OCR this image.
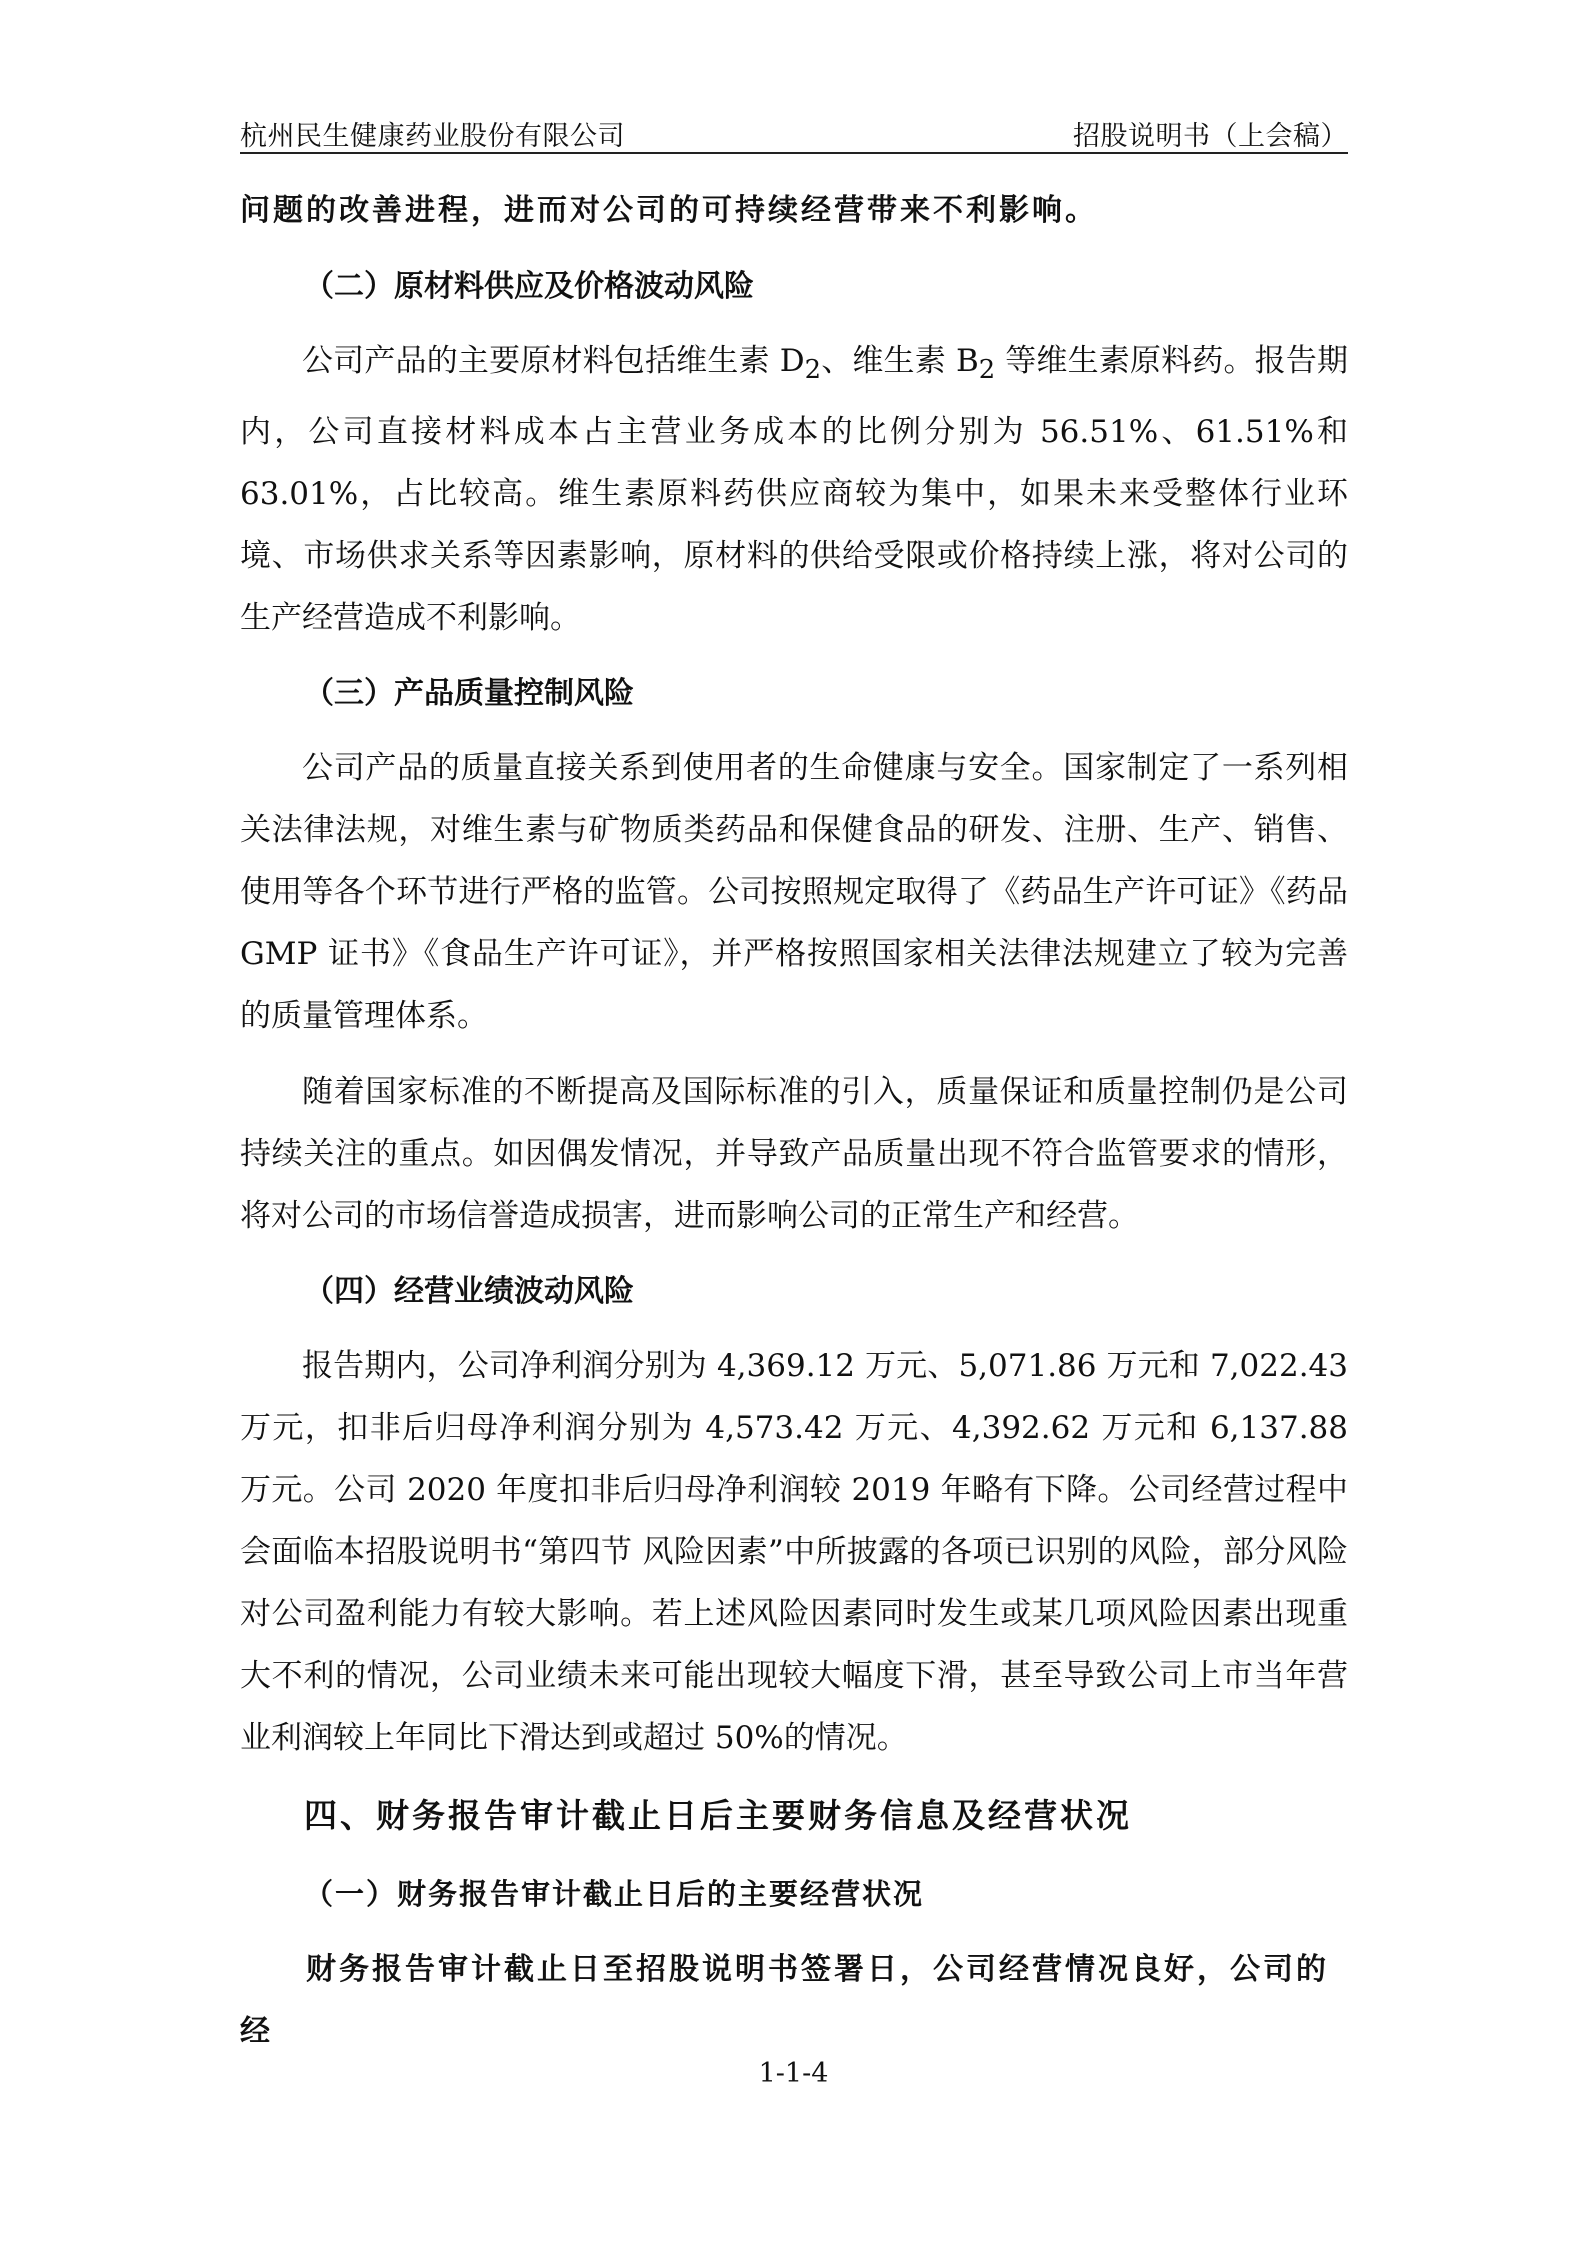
杭州民生健康药业股份有限公司	招股说明书（上会稿）

问题的改善进程，进而对公司的可持续经营带来不利影响。

（二）原材料供应及价格波动风险

公司产品的主要原材料包括维生素 $D_2$、维生素 $B_2$ 等维生素原料药。报告期内，公司直接材料成本占主营业务成本的比例分别为 56.51%、61.51%和 63.01%，占比较高。维生素原料药供应商较为集中，如果未来受整体行业环境、市场供求关系等因素影响，原材料的供给受限或价格持续上涨，将对公司的生产经营造成不利影响。

（三）产品质量控制风险

公司产品的质量直接关系到使用者的生命健康与安全。国家制定了一系列相关法律法规，对维生素与矿物质类药品和保健食品的研发、注册、生产、销售、使用等各个环节进行严格的监管。公司按照规定取得了《药品生产许可证》《药品 GMP 证书》《食品生产许可证》，并严格按照国家相关法律法规建立了较为完善的质量管理体系。

随着国家标准的不断提高及国际标准的引入，质量保证和质量控制仍是公司持续关注的重点。如因偶发情况，并导致产品质量出现不符合监管要求的情形，将对公司的市场信誉造成损害，进而影响公司的正常生产和经营。

（四）经营业绩波动风险

报告期内，公司净利润分别为 4,369.12 万元、5,071.86 万元和 7,022.43 万元，扣非后归母净利润分别为 4,573.42 万元、4,392.62 万元和 6,137.88 万元。公司 2020 年度扣非后归母净利润较 2019 年略有下降。公司经营过程中会面临本招股说明书“第四节 风险因素”中所披露的各项已识别的风险，部分风险对公司盈利能力有较大影响。若上述风险因素同时发生或某几项风险因素出现重大不利的情况，公司业绩未来可能出现较大幅度下滑，甚至导致公司上市当年营业利润较上年同比下滑达到或超过 50%的情况。

四、财务报告审计截止日后主要财务信息及经营状况

（一）财务报告审计截止日后的主要经营状况

财务报告审计截止日至招股说明书签署日，公司经营情况良好，公司的经

1-1-4
